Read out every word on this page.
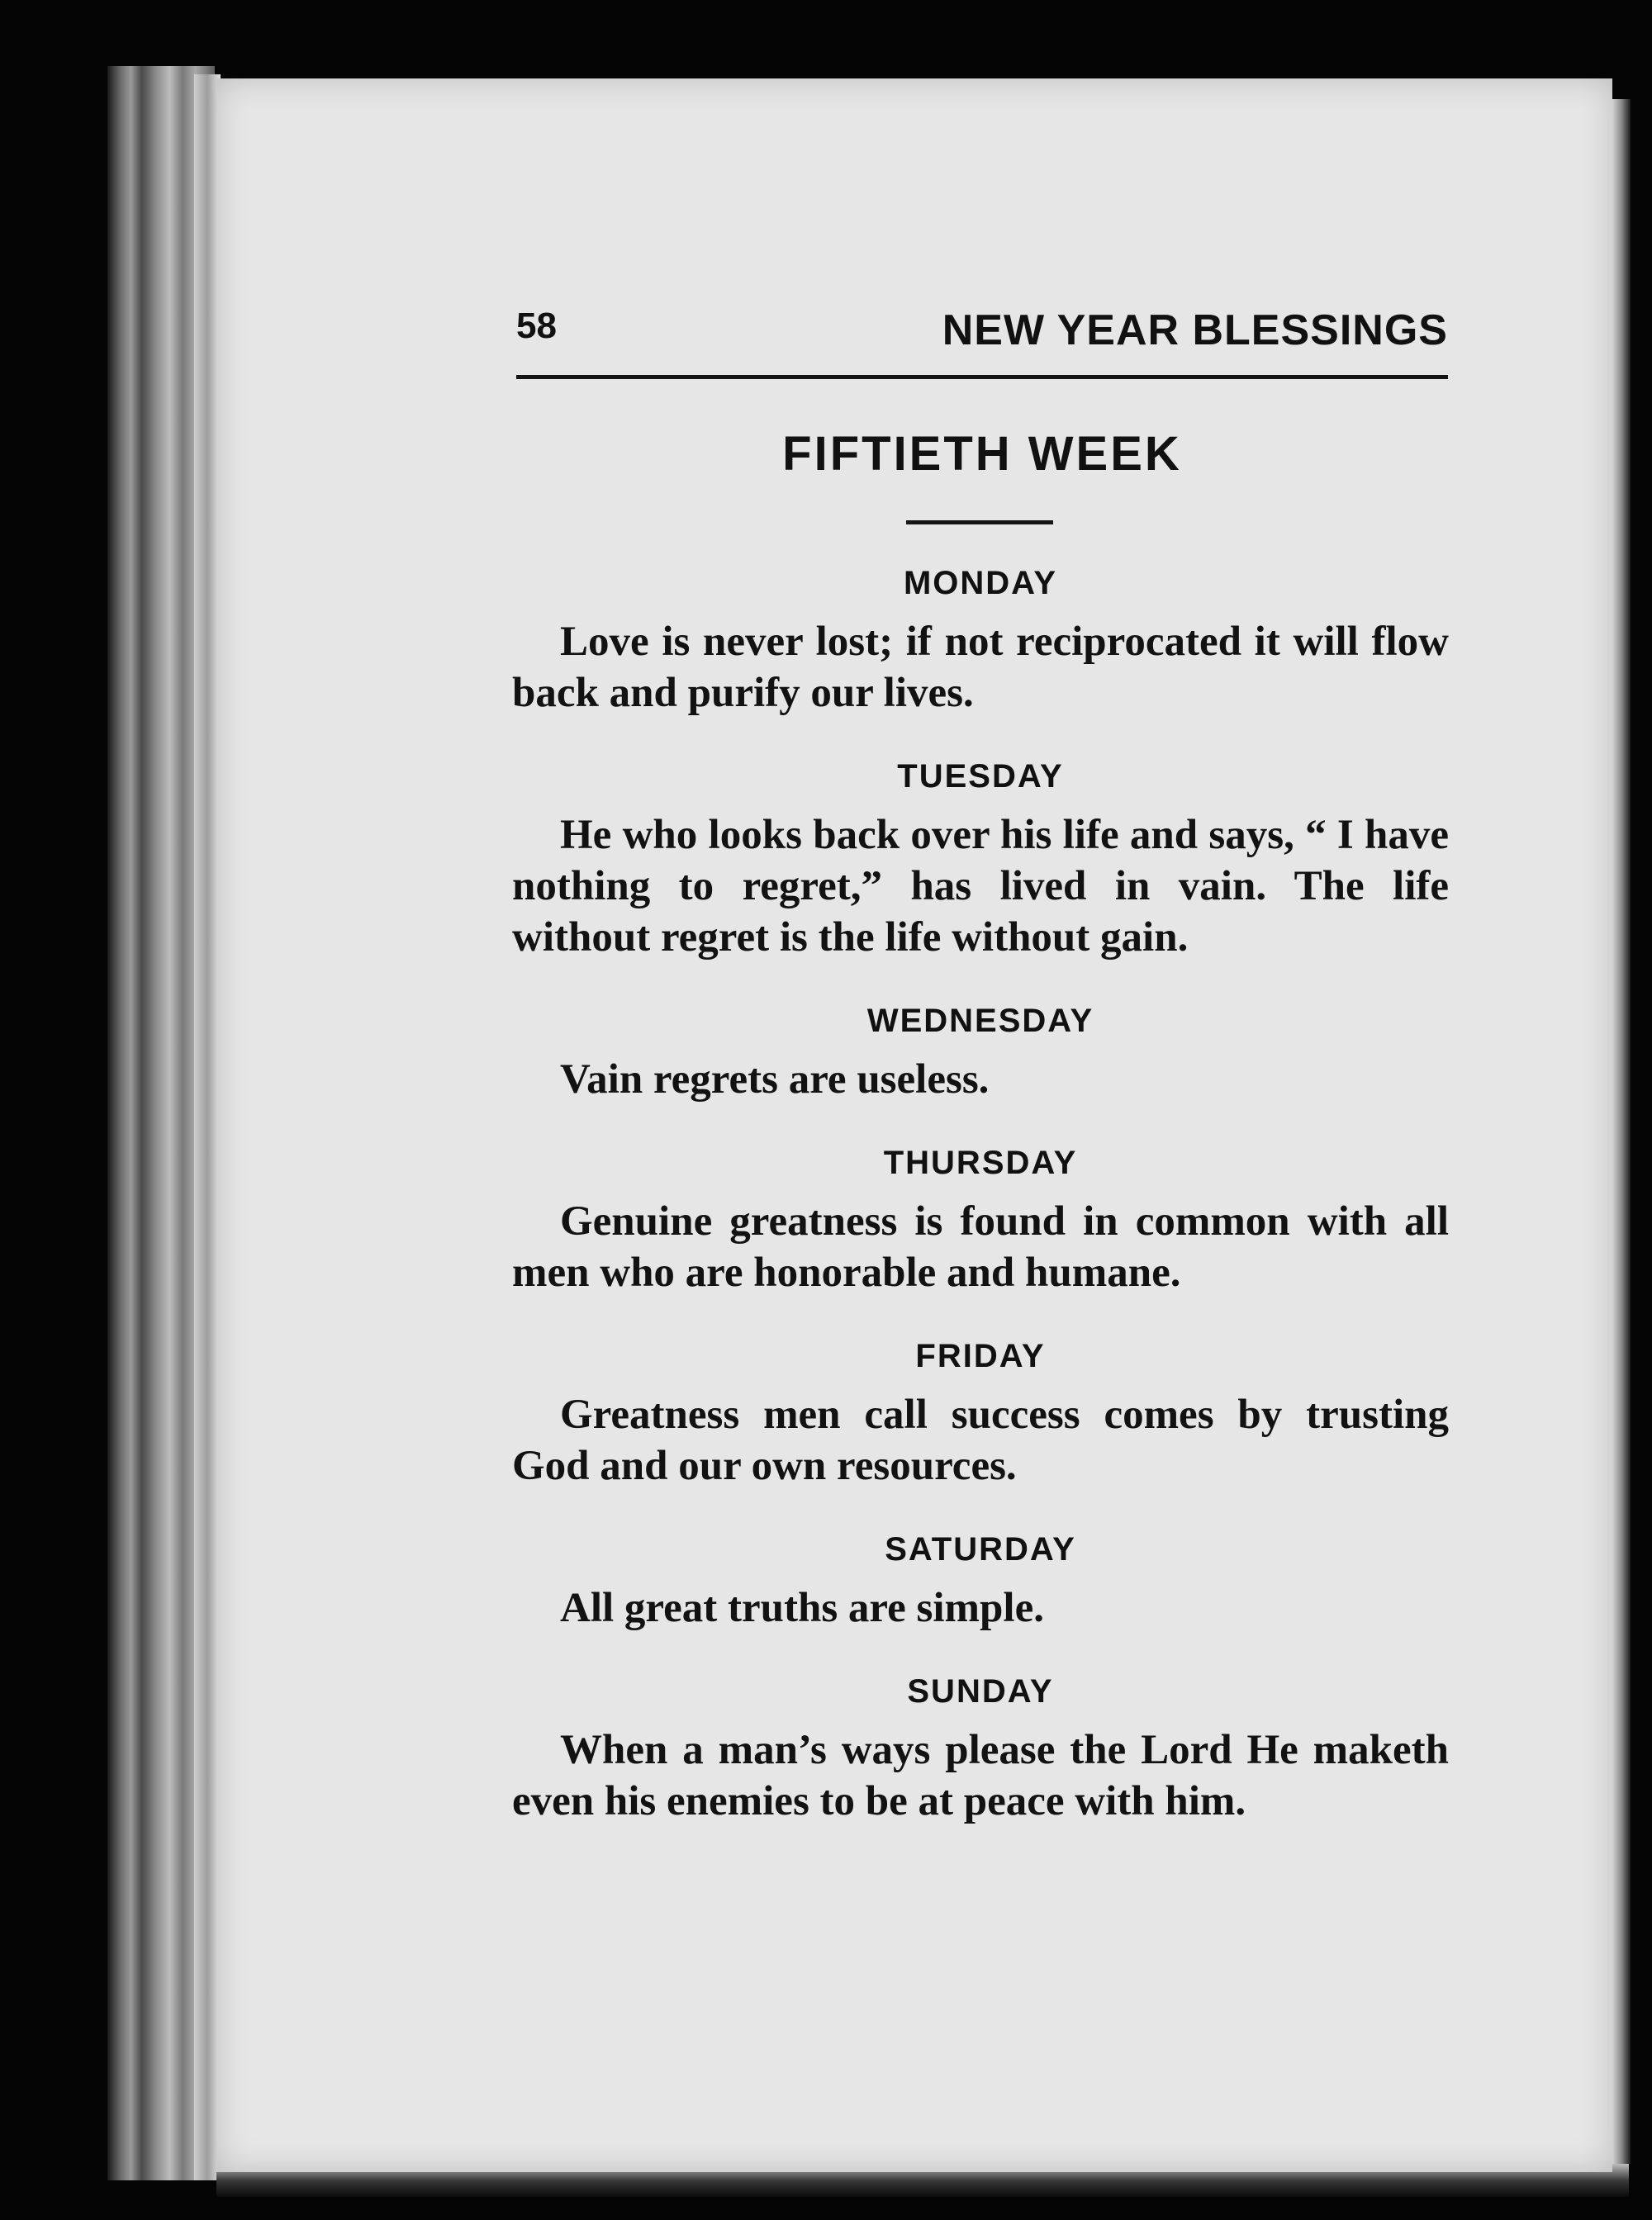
58	NEW YEAR BLESSINGS
FIFTIETH WEEK
MONDAY

Love is never lost; if not reciprocated it will flow back and purify our lives.

TUESDAY

He who looks back over his life and says, “ I have nothing to regret,” has lived in vain. The life without regret is the life without gain.

WEDNESDAY

Vain regrets are useless.

THURSDAY

Genuine greatness is found in common with all men who are honorable and humane.

FRIDAY

Greatness men call success comes by trusting God and our own resources.

SATURDAY

All great truths are simple.

SUNDAY

When a man’s ways please the Lord He maketh even his enemies to be at peace with him.
